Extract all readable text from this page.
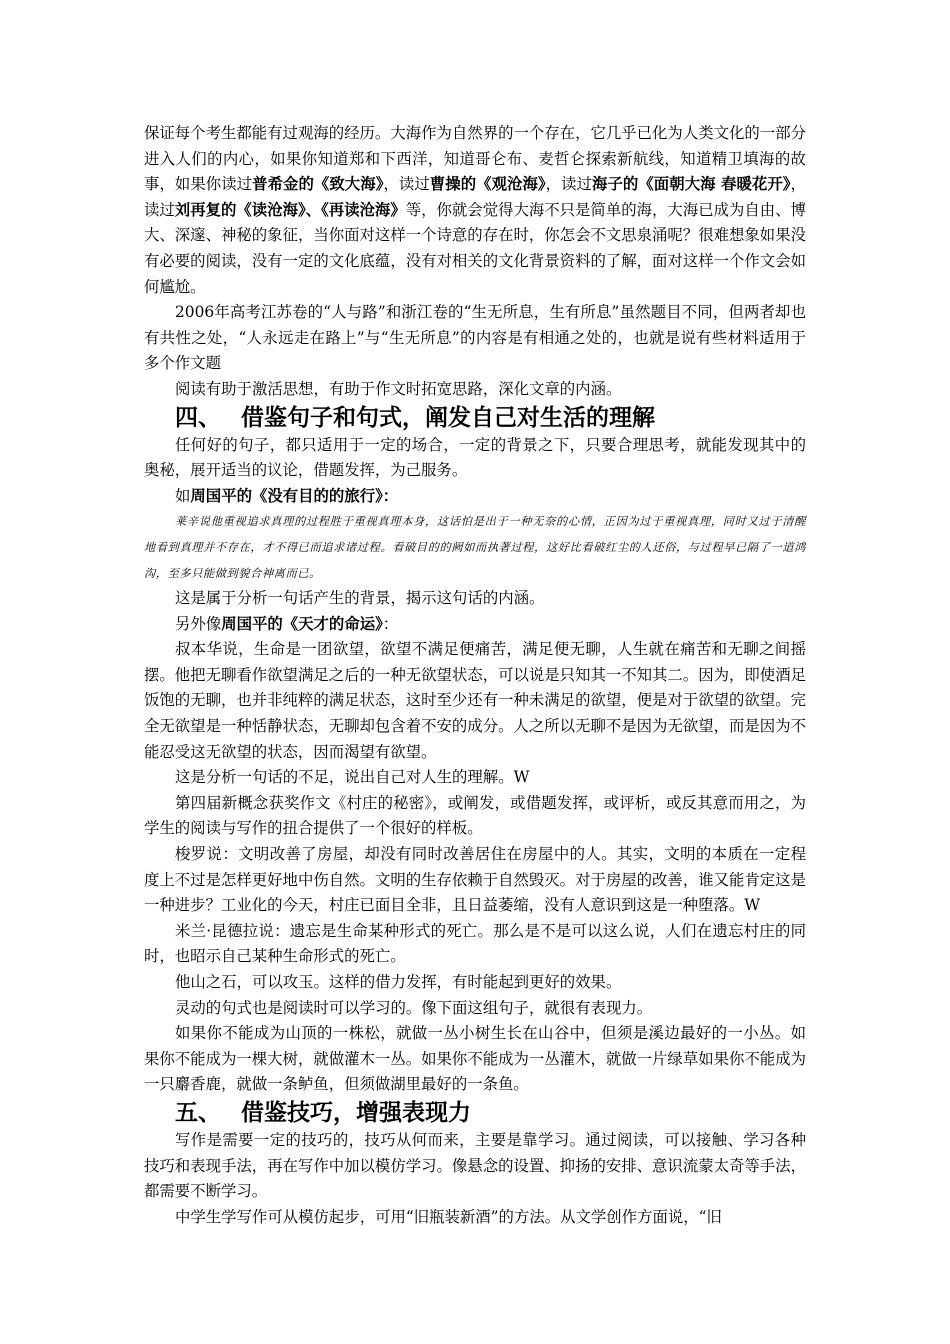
保证每个考生都能有过观海的经历。大海作为自然界的一个存在，它几乎已化为人类文化的一部分进入人们的内心，如果你知道郑和下西洋，知道哥仑布、麦哲仑探索新航线，知道精卫填海的故事，如果你读过普希金的《致大海》，读过曹操的《观沧海》，读过海子的《面朝大海 春暖花开》，读过刘再复的《读沧海》、《再读沧海》等，你就会觉得大海不只是简单的海，大海已成为自由、博大、深邃、神秘的象征，当你面对这样一个诗意的存在时，你怎会不文思泉涌呢？很难想象如果没有必要的阅读，没有一定的文化底蕴，没有对相关的文化背景资料的了解，面对这样一个作文会如何尴尬。

2006年高考江苏卷的“人与路”和浙江卷的“生无所息，生有所息”虽然题目不同，但两者却也有共性之处，“人永远走在路上”与“生无所息”的内容是有相通之处的，也就是说有些材料适用于多个作文题

阅读有助于激活思想，有助于作文时拓宽思路，深化文章的内涵。

四、 借鉴句子和句式，阐发自己对生活的理解

任何好的句子，都只适用于一定的场合，一定的背景之下，只要合理思考，就能发现其中的奥秘，展开适当的议论，借题发挥，为己服务。

如周国平的《没有目的的旅行》：

莱辛说他重视追求真理的过程胜于重视真理本身，这话怕是出于一种无奈的心情，正因为过于重视真理，同时又过于清醒地看到真理并不存在，才不得已而追求诸过程。看破目的的阙如而执著过程，这好比看破红尘的人还俗，与过程早已隔了一道鸿沟，至多只能做到貌合神离而已。

这是属于分析一句话产生的背景，揭示这句话的内涵。

另外像周国平的《天才的命运》：

叔本华说，生命是一团欲望，欲望不满足便痛苦，满足便无聊，人生就在痛苦和无聊之间摇摆。他把无聊看作欲望满足之后的一种无欲望状态，可以说是只知其一不知其二。因为，即使酒足饭饱的无聊，也并非纯粹的满足状态，这时至少还有一种未满足的欲望，便是对于欲望的欲望。完全无欲望是一种恬静状态，无聊却包含着不安的成分。人之所以无聊不是因为无欲望，而是因为不能忍受这无欲望的状态，因而渴望有欲望。

这是分析一句话的不足，说出自己对人生的理解。W

第四届新概念获奖作文《村庄的秘密》，或阐发，或借题发挥，或评析，或反其意而用之，为学生的阅读与写作的扭合提供了一个很好的样板。

梭罗说：文明改善了房屋，却没有同时改善居住在房屋中的人。其实，文明的本质在一定程度上不过是怎样更好地中伤自然。文明的生存依赖于自然毁灭。对于房屋的改善，谁又能肯定这是一种进步？工业化的今天，村庄已面目全非，且日益萎缩，没有人意识到这是一种堕落。W

米兰·昆德拉说：遗忘是生命某种形式的死亡。那么是不是可以这么说，人们在遗忘村庄的同时，也昭示自己某种生命形式的死亡。

他山之石，可以攻玉。这样的借力发挥，有时能起到更好的效果。

灵动的句式也是阅读时可以学习的。像下面这组句子，就很有表现力。

如果你不能成为山顶的一株松，就做一丛小树生长在山谷中，但须是溪边最好的一小丛。如果你不能成为一棵大树，就做灌木一丛。如果你不能成为一丛灌木，就做一片绿草如果你不能成为一只麝香鹿，就做一条鲈鱼，但须做湖里最好的一条鱼。

五、 借鉴技巧，增强表现力

写作是需要一定的技巧的，技巧从何而来，主要是靠学习。通过阅读，可以接触、学习各种技巧和表现手法，再在写作中加以模仿学习。像悬念的设置、抑扬的安排、意识流蒙太奇等手法，都需要不断学习。

中学生学写作可从模仿起步，可用“旧瓶装新酒”的方法。从文学创作方面说，“旧
